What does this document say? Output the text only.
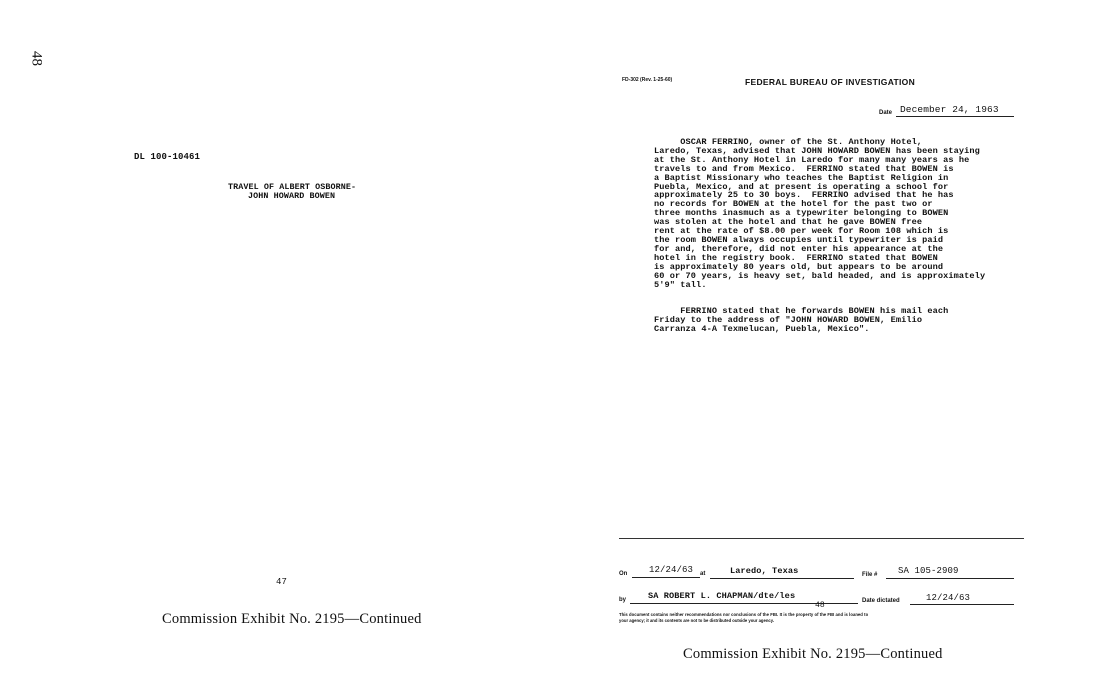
48
DL 100-10461
TRAVEL OF ALBERT OSBORNE-
JOHN HOWARD BOWEN
47
Commission Exhibit No. 2195—Continued
FD-302 (Rev. 1-25-60)	FEDERAL BUREAU OF INVESTIGATION
Date December 24, 1963
OSCAR FERRINO, owner of the St. Anthony Hotel,
Laredo, Texas, advised that JOHN HOWARD BOWEN has been staying
at the St. Anthony Hotel in Laredo for many many years as he
travels to and from Mexico.  FERRINO stated that BOWEN is
a Baptist Missionary who teaches the Baptist Religion in
Puebla, Mexico, and at present is operating a school for
approximately 25 to 30 boys.  FERRINO advised that he has
no records for BOWEN at the hotel for the past two or
three months inasmuch as a typewriter belonging to BOWEN
was stolen at the hotel and that he gave BOWEN free
rent at the rate of $8.00 per week for Room 108 which is
the room BOWEN always occupies until typewriter is paid
for and, therefore, did not enter his appearance at the
hotel in the registry book.  FERRINO stated that BOWEN
is approximately 80 years old, but appears to be around
60 or 70 years, is heavy set, bald headed, and is approximately
5'9" tall.
FERRINO stated that he forwards BOWEN his mail each
Friday to the address of "JOHN HOWARD BOWEN, Emilio
Carranza 4-A Texmelucan, Puebla, Mexico".
On 12/24/63 at	Laredo, Texas	File # SA 105-2909
by	SA ROBERT L. CHAPMAN/dte/les	Date dictated	12/24/63
48
This document contains neither recommendations nor conclusions of the FBI. It is the property of the FBI and is loaned to
your agency; it and its contents are not to be distributed outside your agency.
Commission Exhibit No. 2195—Continued
